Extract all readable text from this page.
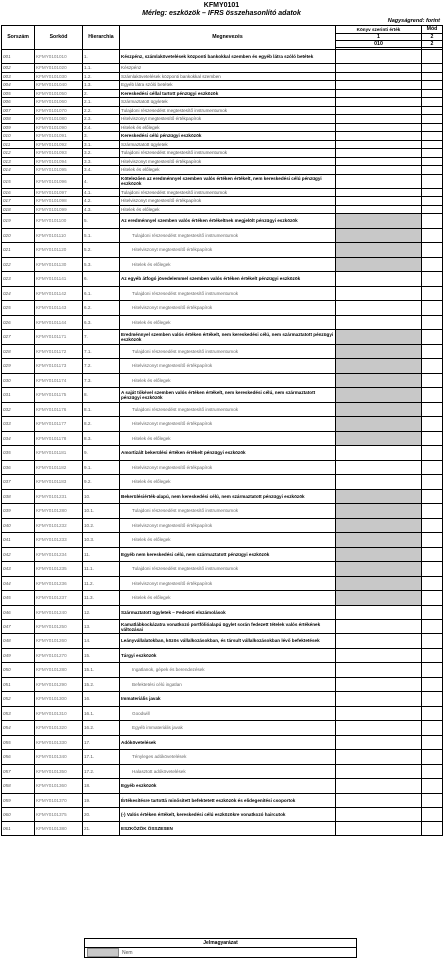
KFMY0101
Mérleg: eszközök – IFRS összehasonlító adatok
Nagyságrend: forint
Sorszám	Sorkód	Hierarchia	Megnevezés	Könyv szerinti érték	Mód
				1	2
				010	2

001	KFMY0101010	1.	Készpénz, számlakövetelések központi bankokkal szemben és egyéb látra szóló betétek		
002	KFMY0101020	1.1.	Készpénz		
003	KFMY0101030	1.2.	Számlakövetelések központi bankokkal szemben		
004	KFMY0101040	1.3.	Egyéb látra szóló betétek		
005	KFMY0101050	2.	Kereskedési céllal tartott pénzügyi eszközök		
006	KFMY0101060	2.1.	Származtatott ügyletek		
007	KFMY0101070	2.2.	Tulajdoni részesedést megtestesítő instrumentumok		
008	KFMY0101080	2.3.	Hitelviszonyt megtestesítő értékpapírok		
009	KFMY0101090	2.4.	Hitelek és előlegek		
010	KFMY0101091	3.	Kereskedési célú pénzügyi eszközök		
011	KFMY0101092	3.1.	Származtatott ügyletek		
012	KFMY0101093	3.2.	Tulajdoni részesedést megtestesítő instrumentumok		
013	KFMY0101094	3.3.	Hitelviszonyt megtestesítő értékpapírok		
014	KFMY0101095	3.4.	Hitelek és előlegek		
015	KFMY0101096	4.	Kötelezően az eredménnyel szemben valós értéken értékelt, nem kereskedési célú pénzügyi eszközök		
016	KFMY0101097	4.1.	Tulajdoni részesedést megtestesítő instrumentumok		
017	KFMY0101098	4.2.	Hitelviszonyt megtestesítő értékpapírok		
018	KFMY0101099	4.3.	Hitelek és előlegek		
019	KFMY0101100	5.	Az eredménnyel szemben valós értéken értékeltnek megjelölt pénzügyi eszközök		
020	KFMY0101110	5.1.	Tulajdoni részesedést megtestesítő instrumentumok		
021	KFMY0101120	5.2.	Hitelviszonyt megtestesítő értékpapírok		
022	KFMY0101130	5.3.	Hitelek és előlegek		
023	KFMY0101141	6.	Az egyéb átfogó jövedelemmel szemben valós értéken értékelt pénzügyi eszközök		
024	KFMY0101142	6.1.	Tulajdoni részesedést megtestesítő instrumentumok		
025	KFMY0101143	6.2.	Hitelviszonyt megtestesítő értékpapírok		
026	KFMY0101144	6.3.	Hitelek és előlegek		
027	KFMY0101171	7.	Eredménnyel szemben valós értéken értékelt, nem kereskedési célú, nem származtatott pénzügyi eszközök		
028	KFMY0101172	7.1.	Tulajdoni részesedést megtestesítő instrumentumok		
029	KFMY0101173	7.2.	Hitelviszonyt megtestesítő értékpapírok		
030	KFMY0101174	7.3.	Hitelek és előlegek		
031	KFMY0101175	8.	A saját tőkével szemben valós értéken értékelt, nem kereskedési célú, nem származtatott pénzügyi eszközök		
032	KFMY0101176	8.1.	Tulajdoni részesedést megtestesítő instrumentumok		
033	KFMY0101177	8.2.	Hitelviszonyt megtestesítő értékpapírok		
034	KFMY0101178	8.3.	Hitelek és előlegek		
035	KFMY0101181	9.	Amortizált bekerülési értéken értékelt pénzügyi eszközök		
036	KFMY0101182	9.1.	Hitelviszonyt megtestesítő értékpapírok		
037	KFMY0101183	9.2.	Hitelek és előlegek		
038	KFMY0101231	10.	Bekerülésiérték-alapú, nem kereskedési célú, nem származtatott pénzügyi eszközök		
039	KFMY0101280	10.1.	Tulajdoni részesedést megtestesítő instrumentumok		
040	KFMY0101232	10.2.	Hitelviszonyt megtestesítő értékpapírok		
041	KFMY0101233	10.3.	Hitelek és előlegek		
042	KFMY0101234	11.	Egyéb nem kereskedési célú, nem származtatott pénzügyi eszközök		
043	KFMY0101235	11.1.	Tulajdoni részesedést megtestesítő instrumentumok		
044	KFMY0101236	11.2.	Hitelviszonyt megtestesítő értékpapírok		
045	KFMY0101237	11.3.	Hitelek és előlegek		
046	KFMY0101240	12.	Származtatott ügyletek – Fedezeti elszámolások		
047	KFMY0101250	13.	Kamatlábkockázatra vonatkozó portfólióalapú ügylet során fedezett tételek valós értékének változásai		
048	KFMY0101260	14.	Leányvállalatokban, közös vállalkozásokban, és társult vállalkozásokban lévő befektetések		
049	KFMY0101270	15.	Tárgyi eszközök		
050	KFMY0101280	15.1.	Ingatlanok, gépek és berendezések		
051	KFMY0101290	15.2.	Befektetési célú ingatlan		
052	KFMY0101300	16.	Immateriális javak		
053	KFMY0101310	16.1.	Goodwill		
054	KFMY0101320	16.2.	Egyéb immateriális javak		
055	KFMY0101330	17.	Adókövetelések		
056	KFMY0101340	17.1.	Tényleges adókövetelések		
057	KFMY0101350	17.2.	Halasztott adókövetelések		
058	KFMY0101360	18.	Egyéb eszközök		
059	KFMY0101370	19.	Értékesítésre tartottá minősített befektetett eszközök és elidegenítési csoportok		
060	KFMY0101375	20.	(-) Valós értéken értékelt, kereskedési célú eszközökre vonatkozó haircutok		
061	KFMY0101380	21.	ESZKÖZÖK ÖSSZESEN		
Jelmagyarázat
Nem
